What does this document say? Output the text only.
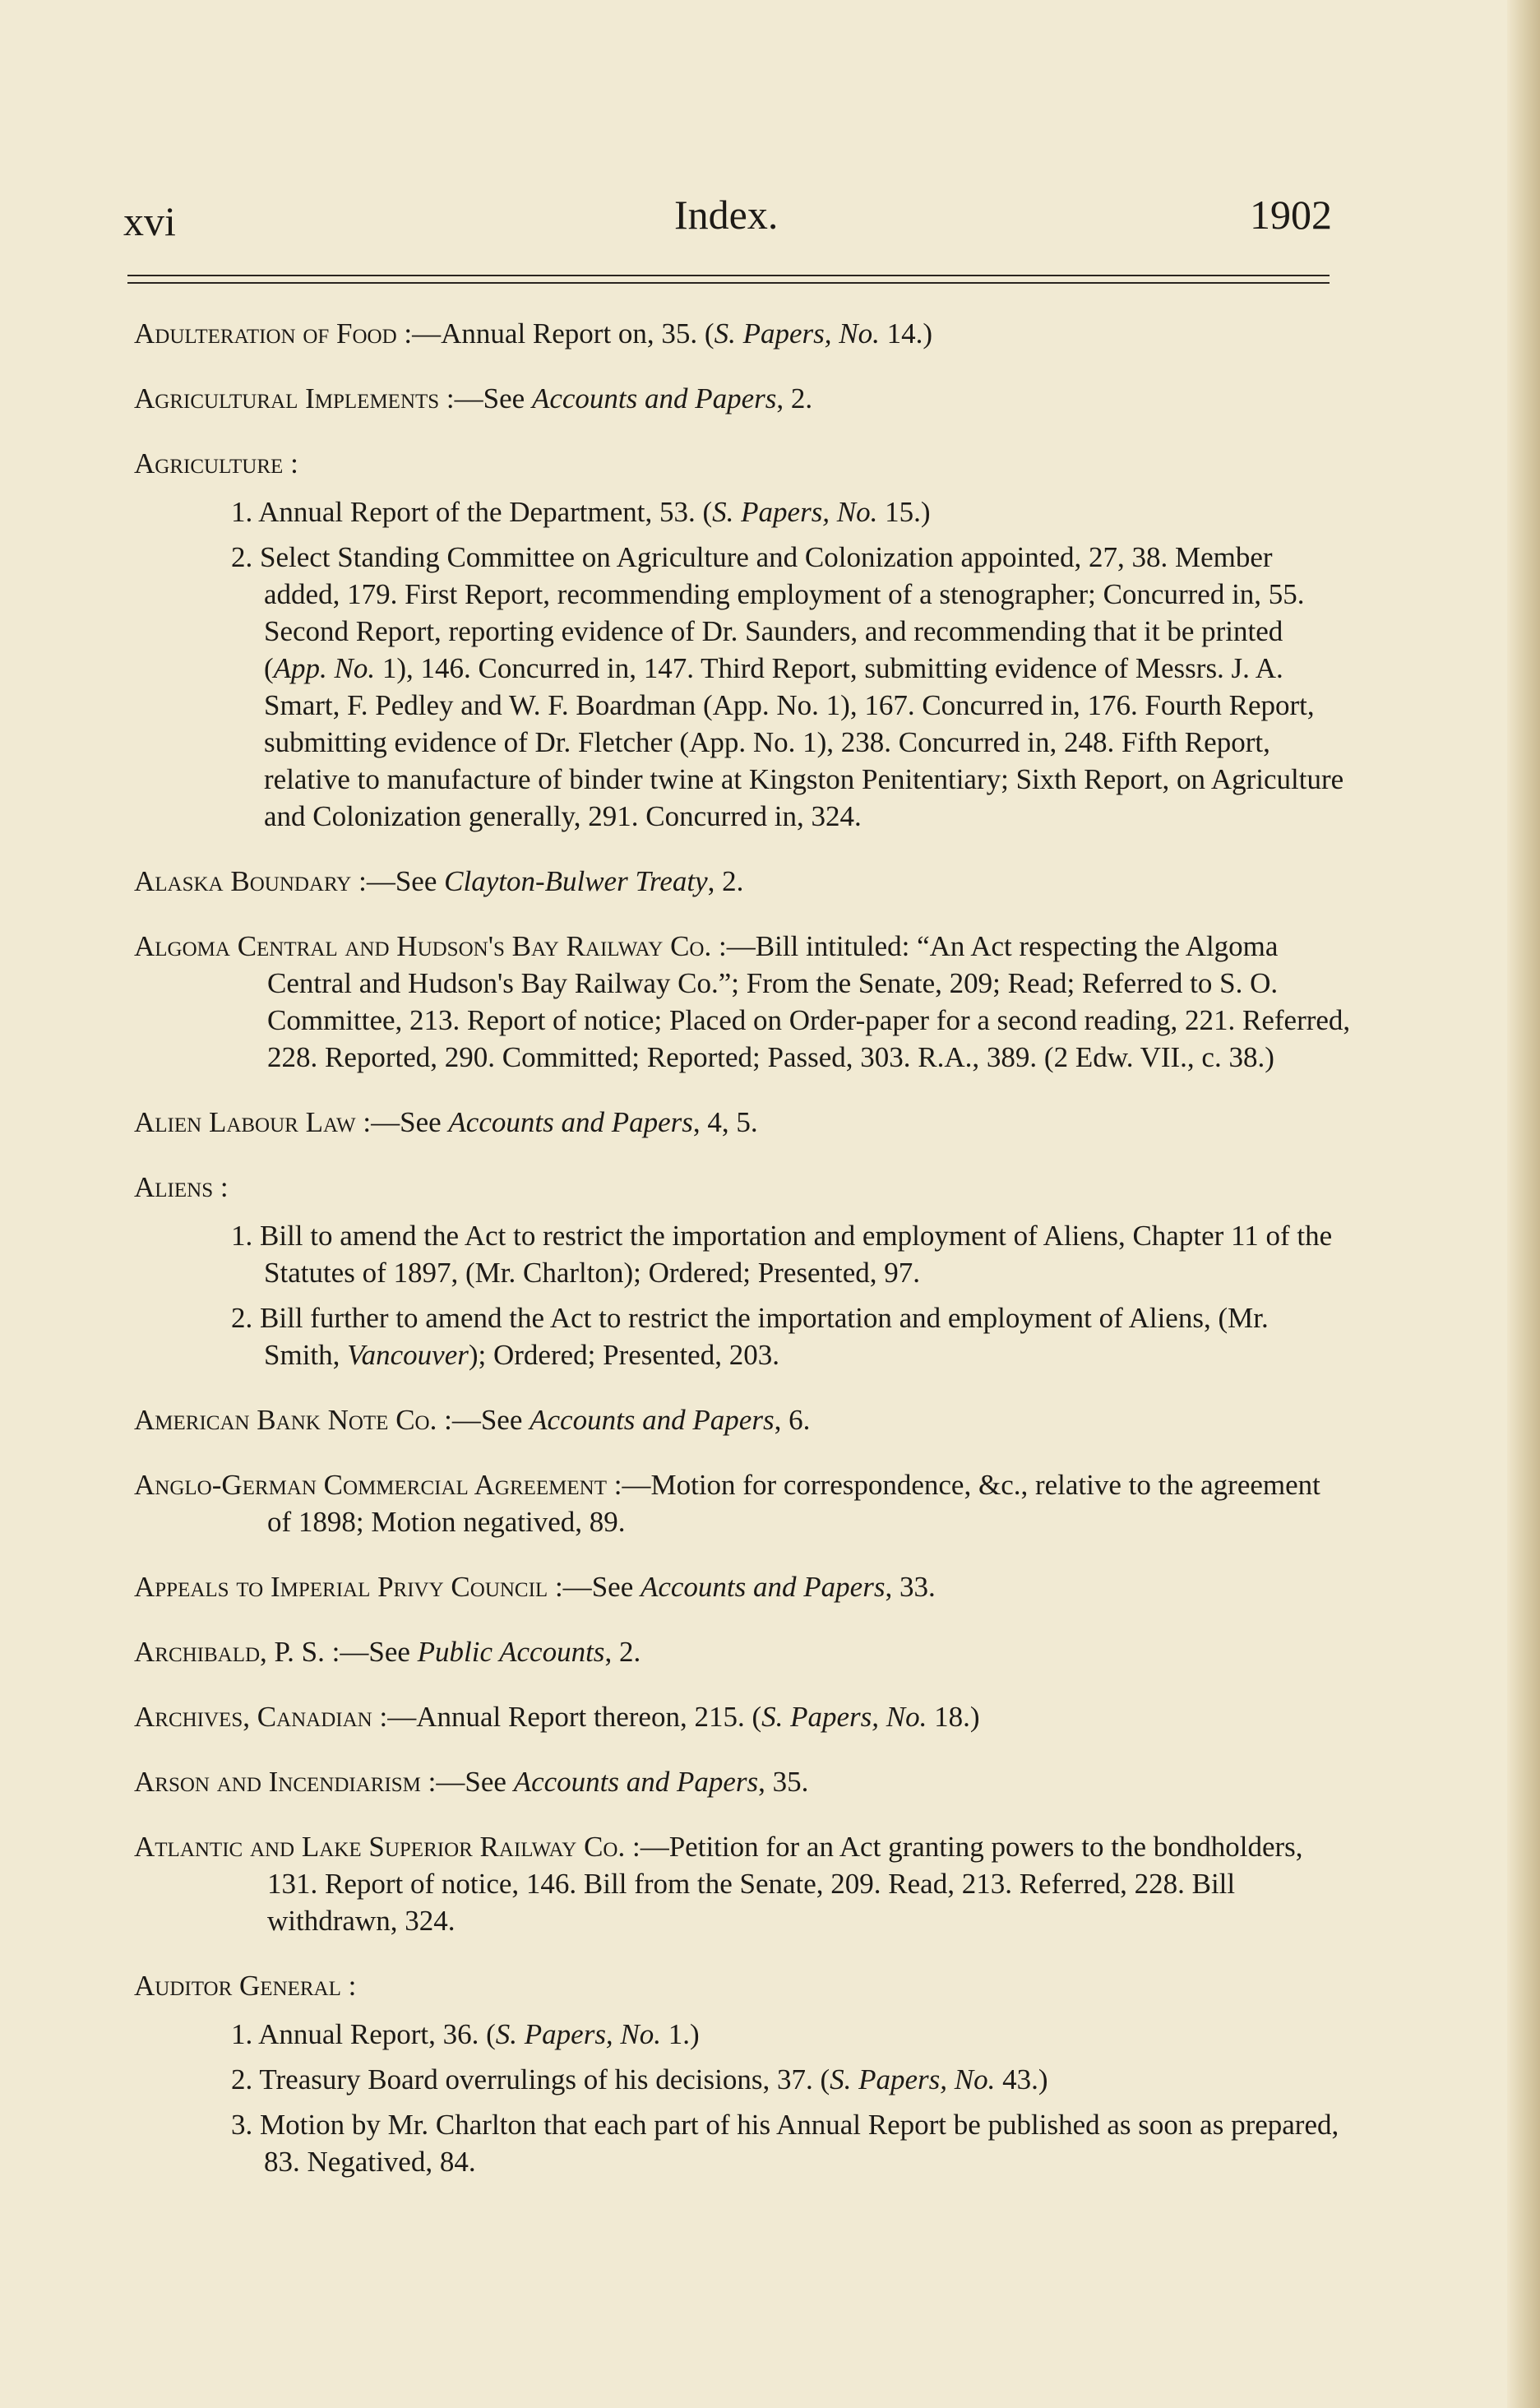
xvi	Index.	1902
Adulteration of Food :—Annual Report on, 35. (S. Papers, No. 14.)
Agricultural Implements :—See Accounts and Papers, 2.
Agriculture :
1. Annual Report of the Department, 53. (S. Papers, No. 15.)
2. Select Standing Committee on Agriculture and Colonization appointed, 27, 38. Member added, 179. First Report, recommending employment of a stenographer; Concurred in, 55. Second Report, reporting evidence of Dr. Saunders, and recommending that it be printed (App. No. 1), 146. Concurred in, 147. Third Report, submitting evidence of Messrs. J. A. Smart, F. Pedley and W. F. Boardman (App. No. 1), 167. Concurred in, 176. Fourth Report, submitting evidence of Dr. Fletcher (App. No. 1), 238. Concurred in, 248. Fifth Report, relative to manufacture of binder twine at Kingston Penitentiary; Sixth Report, on Agriculture and Colonization generally, 291. Concurred in, 324.
Alaska Boundary :—See Clayton-Bulwer Treaty, 2.
Algoma Central and Hudson's Bay Railway Co. :—Bill intituled: “An Act respecting the Algoma Central and Hudson's Bay Railway Co.”; From the Senate, 209; Read; Referred to S. O. Committee, 213. Report of notice; Placed on Order-paper for a second reading, 221. Referred, 228. Reported, 290. Committed; Reported; Passed, 303. R.A., 389. (2 Edw. VII., c. 38.)
Alien Labour Law :—See Accounts and Papers, 4, 5.
Aliens :
1. Bill to amend the Act to restrict the importation and employment of Aliens, Chapter 11 of the Statutes of 1897, (Mr. Charlton); Ordered; Presented, 97.
2. Bill further to amend the Act to restrict the importation and employment of Aliens, (Mr. Smith, Vancouver); Ordered; Presented, 203.
American Bank Note Co. :—See Accounts and Papers, 6.
Anglo-German Commercial Agreement :—Motion for correspondence, &c., relative to the agreement of 1898; Motion negatived, 89.
Appeals to Imperial Privy Council :—See Accounts and Papers, 33.
Archibald, P. S. :—See Public Accounts, 2.
Archives, Canadian :—Annual Report thereon, 215. (S. Papers, No. 18.)
Arson and Incendiarism :—See Accounts and Papers, 35.
Atlantic and Lake Superior Railway Co. :—Petition for an Act granting powers to the bondholders, 131. Report of notice, 146. Bill from the Senate, 209. Read, 213. Referred, 228. Bill withdrawn, 324.
Auditor General :
1. Annual Report, 36. (S. Papers, No. 1.)
2. Treasury Board overrulings of his decisions, 37. (S. Papers, No. 43.)
3. Motion by Mr. Charlton that each part of his Annual Report be published as soon as prepared, 83. Negatived, 84.
